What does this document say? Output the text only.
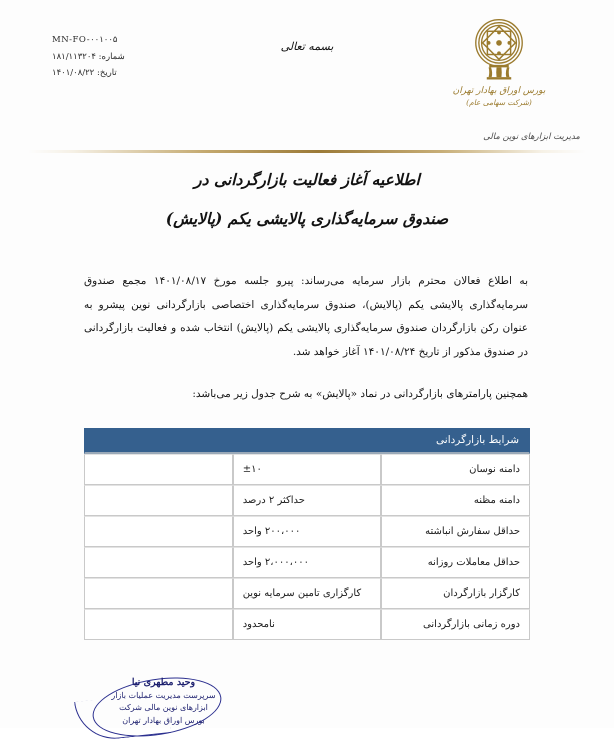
MN-FO-۰۰۱۰۰۵
شماره: ۱۸۱/۱۱۳۲۰۴
تاریخ: ۱۴۰۱/۰۸/۲۲
بسمه تعالی
بورس اوراق بهادار تهران
(شرکت سهامی عام)
مدیریت ابزارهای نوین مالی
اطلاعیه آغاز فعالیت بازارگردانی در
صندوق سرمایه‌گذاری پالایشی یکم (پالایش)

به اطلاع فعالان محترم بازار سرمایه می‌رساند: پیرو جلسه مورخ ۱۴۰۱/۰۸/۱۷ مجمع صندوق سرمایه‌گذاری پالایشی یکم (پالایش)، صندوق سرمایه‌گذاری اختصاصی بازارگردانی نوین پیشرو به عنوان رکن بازارگردان صندوق سرمایه‌گذاری پالایشی یکم (پالایش) انتخاب شده و فعالیت بازارگردانی در صندوق مذکور از تاریخ ۱۴۰۱/۰۸/۲۴ آغاز خواهد شد.

همچنین پارامترهای بازارگردانی در نماد «پالایش» به شرح جدول زیر می‌باشد:

شرایط بازارگردانی		
دامنه نوسان	±۱۰	
دامنه مظنه	حداکثر ۲ درصد	
حداقل سفارش انباشته	۲۰۰،۰۰۰ واحد	
حداقل معاملات روزانه	۲،۰۰۰،۰۰۰ واحد	
کارگزار بازارگردان	کارگزاری تامین سرمایه نوین	
دوره زمانی بازارگردانی	نامحدود	
وحید مطهری نیا
سرپرست مدیریت عملیات بازار
ابزارهای نوین مالی شرکت
بورس اوراق بهادار تهران
